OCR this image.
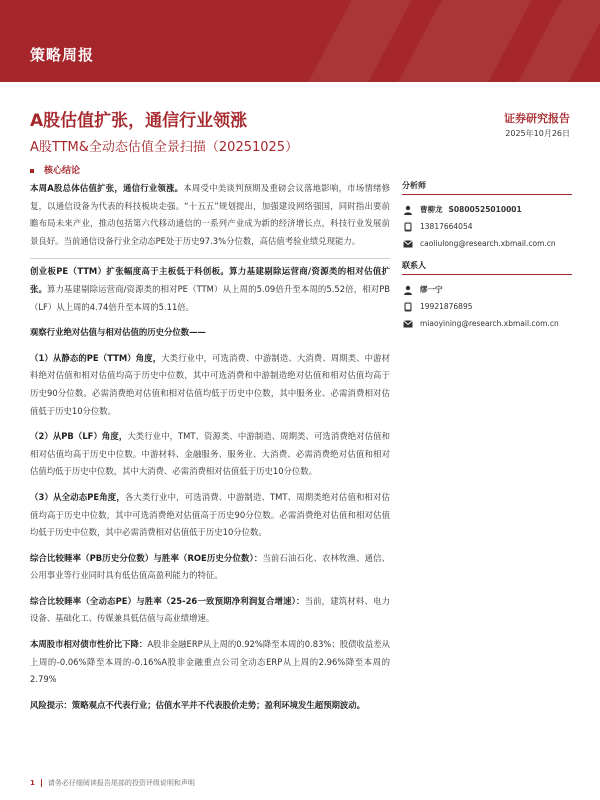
策略周报
A股估值扩张，通信行业领涨
A股TTM&全动态估值全景扫描（20251025）
证券研究报告
2025年10月26日
核心结论

本周A股总体估值扩张，通信行业领涨。本周受中美谈判预期及重磅会议落地影响，市场情绪修复，以通信设备为代表的科技板块走强。“十五五”规划提出，加强建设网络强国，同时指出要前瞻布局未来产业，推动包括第六代移动通信的一系列产业成为新的经济增长点，科技行业发展前景良好。当前通信设备行业全动态PE处于历史97.3%分位数，高估值考验业绩兑现能力。

创业板PE（TTM）扩张幅度高于主板低于科创板。算力基建剔除运营商/资源类的相对估值扩张。算力基建剔除运营商/资源类的相对PE（TTM）从上周的5.09倍升至本周的5.52倍，相对PB（LF）从上周的4.74倍升至本周的5.11倍。

观察行业绝对估值与相对估值的历史分位数——

（1）从静态的PE（TTM）角度，大类行业中，可选消费、中游制造、大消费、周期类、中游材料绝对估值和相对估值均高于历史中位数，其中可选消费和中游制造绝对估值和相对估值均高于历史90分位数。必需消费绝对估值和相对估值均低于历史中位数，其中服务业、必需消费相对估值低于历史10分位数。

（2）从PB（LF）角度，大类行业中，TMT、资源类、中游制造、周期类、可选消费绝对估值和相对估值均高于历史中位数。中游材料、金融服务、服务业、大消费、必需消费绝对估值和相对估值均低于历史中位数，其中大消费、必需消费相对估值低于历史10分位数。

（3）从全动态PE角度，各大类行业中，可选消费、中游制造、TMT、周期类绝对估值和相对估值均高于历史中位数，其中可选消费绝对估值高于历史90分位数。必需消费绝对估值和相对估值均低于历史中位数，其中必需消费相对估值低于历史10分位数。

综合比较睡率（PB历史分位数）与胜率（ROE历史分位数）：当前石油石化、农林牧渔、通信、公用事业等行业同时具有低估值高盈利能力的特征。

综合比较睡率（全动态PE）与胜率（25-26一致预期净利润复合增速）：当前，建筑材料、电力设备、基础化工、传媒兼具低估值与高业绩增速。

本周股市相对债市性价比下降：A股非金融ERP从上周的0.92%降至本周的0.83%；股债收益差从上周的-0.06%降至本周的-0.16%A股非金融重点公司全动态ERP从上周的2.96%降至本周的2.79%

风险提示：策略观点不代表行业；估值水平并不代表股价走势；盈利环境发生超预期波动。

分析师
曹柳龙 S0800525010001
13817664054
caoliulong@research.xbmail.com.cn
联系人
缪一宁
19921876895
miaoyining@research.xbmail.com.cn
1 请务必仔细阅读报告尾部的投资评级说明和声明
